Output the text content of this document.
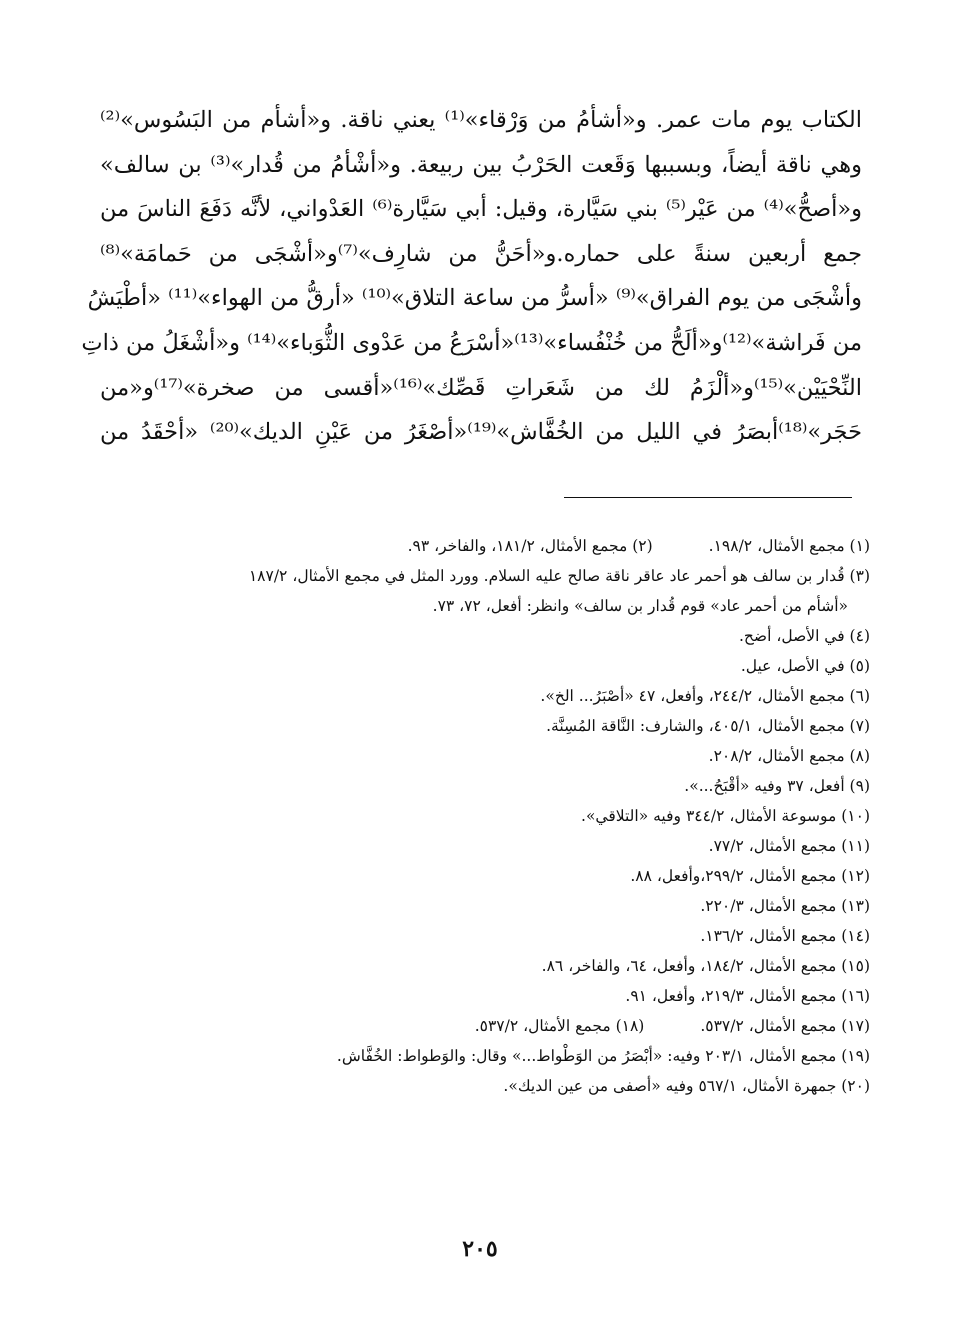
الكتاب يوم مات عمر. و«أشأمُ من وَرْقاء»⁽¹⁾ يعني ناقة. و«أشأم من البَسُوس»⁽²⁾
وهي ناقة أيضاً، وبسببها وَقَعت الحَرْبُ بين ربيعة. و«أشْأمُ من قُدار»⁽³⁾ بن سالف»
و«أصحُّ»⁽⁴⁾ من عَيْر⁽⁵⁾ بني سَيَّارة، وقيل: أبي سَيَّارة⁽⁶⁾ العَدْواني، لأنَّه دَفَعَ الناسَ من
جمع أربعين سنةً على حماره.و«أحَنُّ من شارِف»⁽⁷⁾و«أشْجَى من حَمامَة»⁽⁸⁾
وأشْجَى من يوم الفراق»⁽⁹⁾ «أسرُّ من ساعة التلاق»⁽¹⁰⁾ «أرقُّ من الهواء»⁽¹¹⁾ «أطْيَشُ
من فَراشة»⁽¹²⁾و«ألَحُّ من خُنْفُساء»⁽¹³⁾«أسْرَعُ من عَدْوى الثُّوَباء»⁽¹⁴⁾ و«أشْغَلُ من ذاتِ
النِّحْيَيْن»⁽¹⁵⁾و«ألْزَمُ لك من شَعَراتِ قَصِّك»⁽¹⁶⁾«أقسى من صخرة»⁽¹⁷⁾و«من
حَجَر»⁽¹⁸⁾أبصَرُ في الليل من الخُفَّاش»⁽¹⁹⁾«أصْغَرُ من عَيْنِ الديك»⁽²⁰⁾ «أحْقَدُ من
(١) مجمع الأمثال، ١٩٨/٢.
(٢) مجمع الأمثال، ١٨١/٢، والفاخر، ٩٣.
(٣) قُدار بن سالف هو أحمر عاد عاقر ناقة صالح عليه السلام. وورد المثل في مجمع الأمثال، ١٨٧/٢
«أشأم من أحمر عاد» قوم قُدار بن سالف» وانظر: أفعل، ٧٢، ٧٣.
(٤) في الأصل، أضح.
(٥) في الأصل، عيل.
(٦) مجمع الأمثال، ٢٤٤/٢، وأفعل، ٤٧ «أصْبَرُ... الخ».
(٧) مجمع الأمثال، ٤٠٥/١، والشارف: النَّاقة المُسِنَّة.
(٨) مجمع الأمثال، ٢٠٨/٢.
(٩) أفعل، ٣٧ وفيه «أقْبَحُ...».
(١٠) موسوعة الأمثال، ٣٤٤/٢ وفيه «التلاقي».
(١١) مجمع الأمثال، ٧٧/٢.
(١٢) مجمع الأمثال، ٢٩٩/٢،وأفعل، ٨٨.
(١٣) مجمع الأمثال، ٢٢٠/٣.
(١٤) مجمع الأمثال، ١٣٦/٢.
(١٥) مجمع الأمثال، ١٨٤/٢، وأفعل، ٦٤، والفاخر، ٨٦.
(١٦) مجمع الأمثال، ٢١٩/٣، وأفعل، ٩١.
(١٧) مجمع الأمثال، ٥٣٧/٢.
(١٨) مجمع الأمثال، ٥٣٧/٢.
(١٩) مجمع الأمثال، ٢٠٣/١ وفيه: «أبْصَرُ من الوَطْواط...» وقال: والوَطواط: الخُفَّاش.
(٢٠) جمهرة الأمثال، ٥٦٧/١ وفيه «أصفى من عين الديك».
٢٠٥
